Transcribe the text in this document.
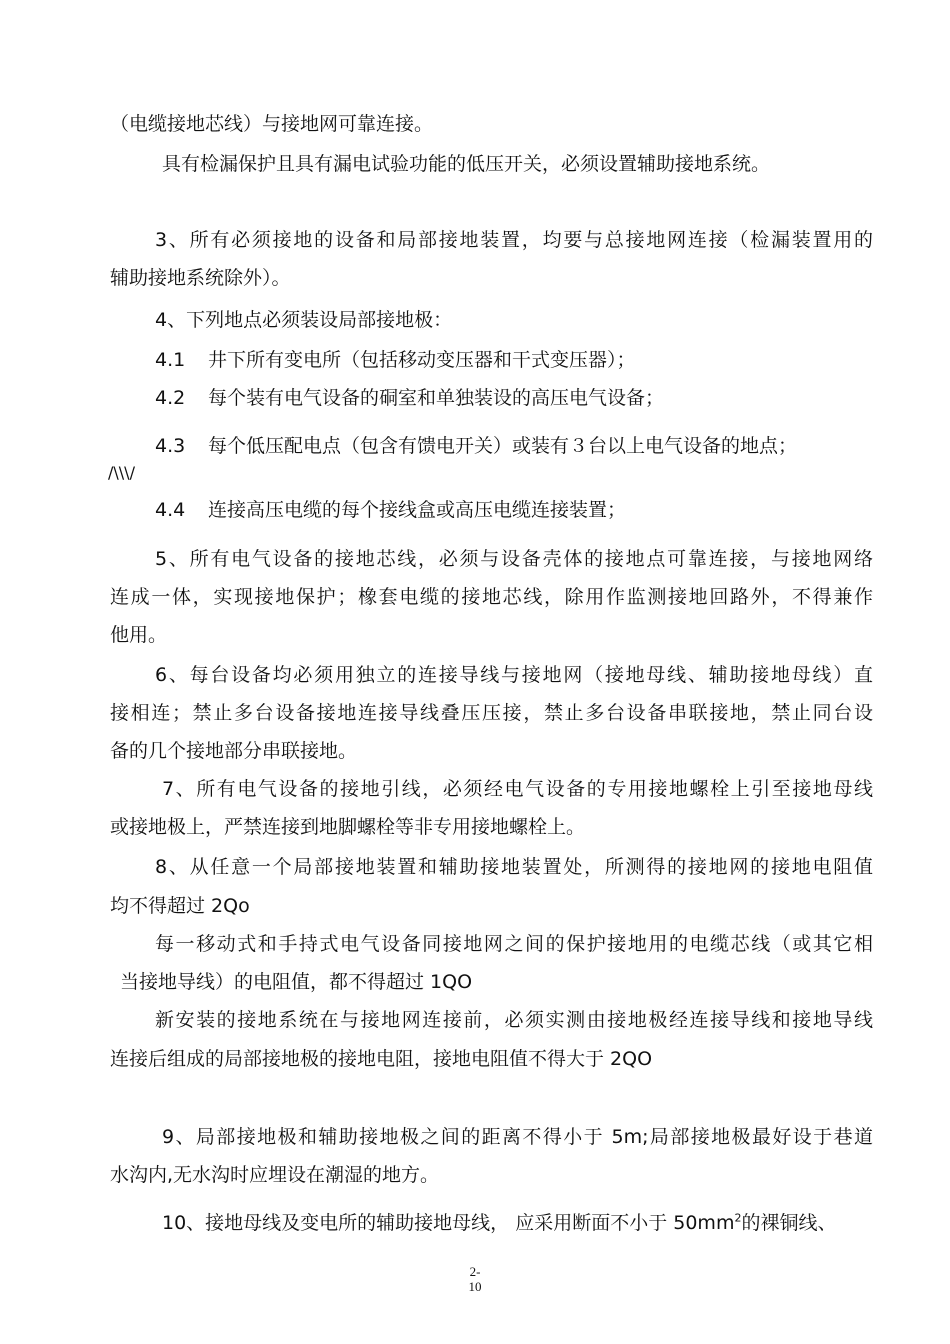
（电缆接地芯线）与接地网可靠连接。
具有检漏保护且具有漏电试验功能的低压开关，必须设置辅助接地系统。
3、所有必须接地的设备和局部接地装置，均要与总接地网连接（检漏装置用的
辅助接地系统除外）。
4、下列地点必须装设局部接地极：
4.1 井下所有变电所（包括移动变压器和干式变压器）；
4.2 每个装有电气设备的硐室和单独装设的高压电气设备；
4.3 每个低压配电点（包含有馈电开关）或装有３台以上电气设备的地点；
/\\\/
4.4 连接高压电缆的每个接线盒或高压电缆连接装置；
5、所有电气设备的接地芯线，必须与设备壳体的接地点可靠连接，与接地网络
连成一体，实现接地保护；橡套电缆的接地芯线，除用作监测接地回路外，不得兼作
他用。
6、每台设备均必须用独立的连接导线与接地网（接地母线、辅助接地母线）直
接相连；禁止多台设备接地连接导线叠压压接，禁止多台设备串联接地，禁止同台设
备的几个接地部分串联接地。
7、所有电气设备的接地引线，必须经电气设备的专用接地螺栓上引至接地母线
或接地极上，严禁连接到地脚螺栓等非专用接地螺栓上。
8、从任意一个局部接地装置和辅助接地装置处，所测得的接地网的接地电阻值
均不得超过 2Qo
每一移动式和手持式电气设备同接地网之间的保护接地用的电缆芯线（或其它相
当接地导线）的电阻值，都不得超过 1QO
新安装的接地系统在与接地网连接前，必须实测由接地极经连接导线和接地导线
连接后组成的局部接地极的接地电阻，接地电阻值不得大于 2QO
9、局部接地极和辅助接地极之间的距离不得小于 5m;局部接地极最好设于巷道
水沟内,无水沟时应埋设在潮湿的地方。
10、接地母线及变电所的辅助接地母线， 应采用断面不小于 $50mm^2$的裸铜线、
2-
10
